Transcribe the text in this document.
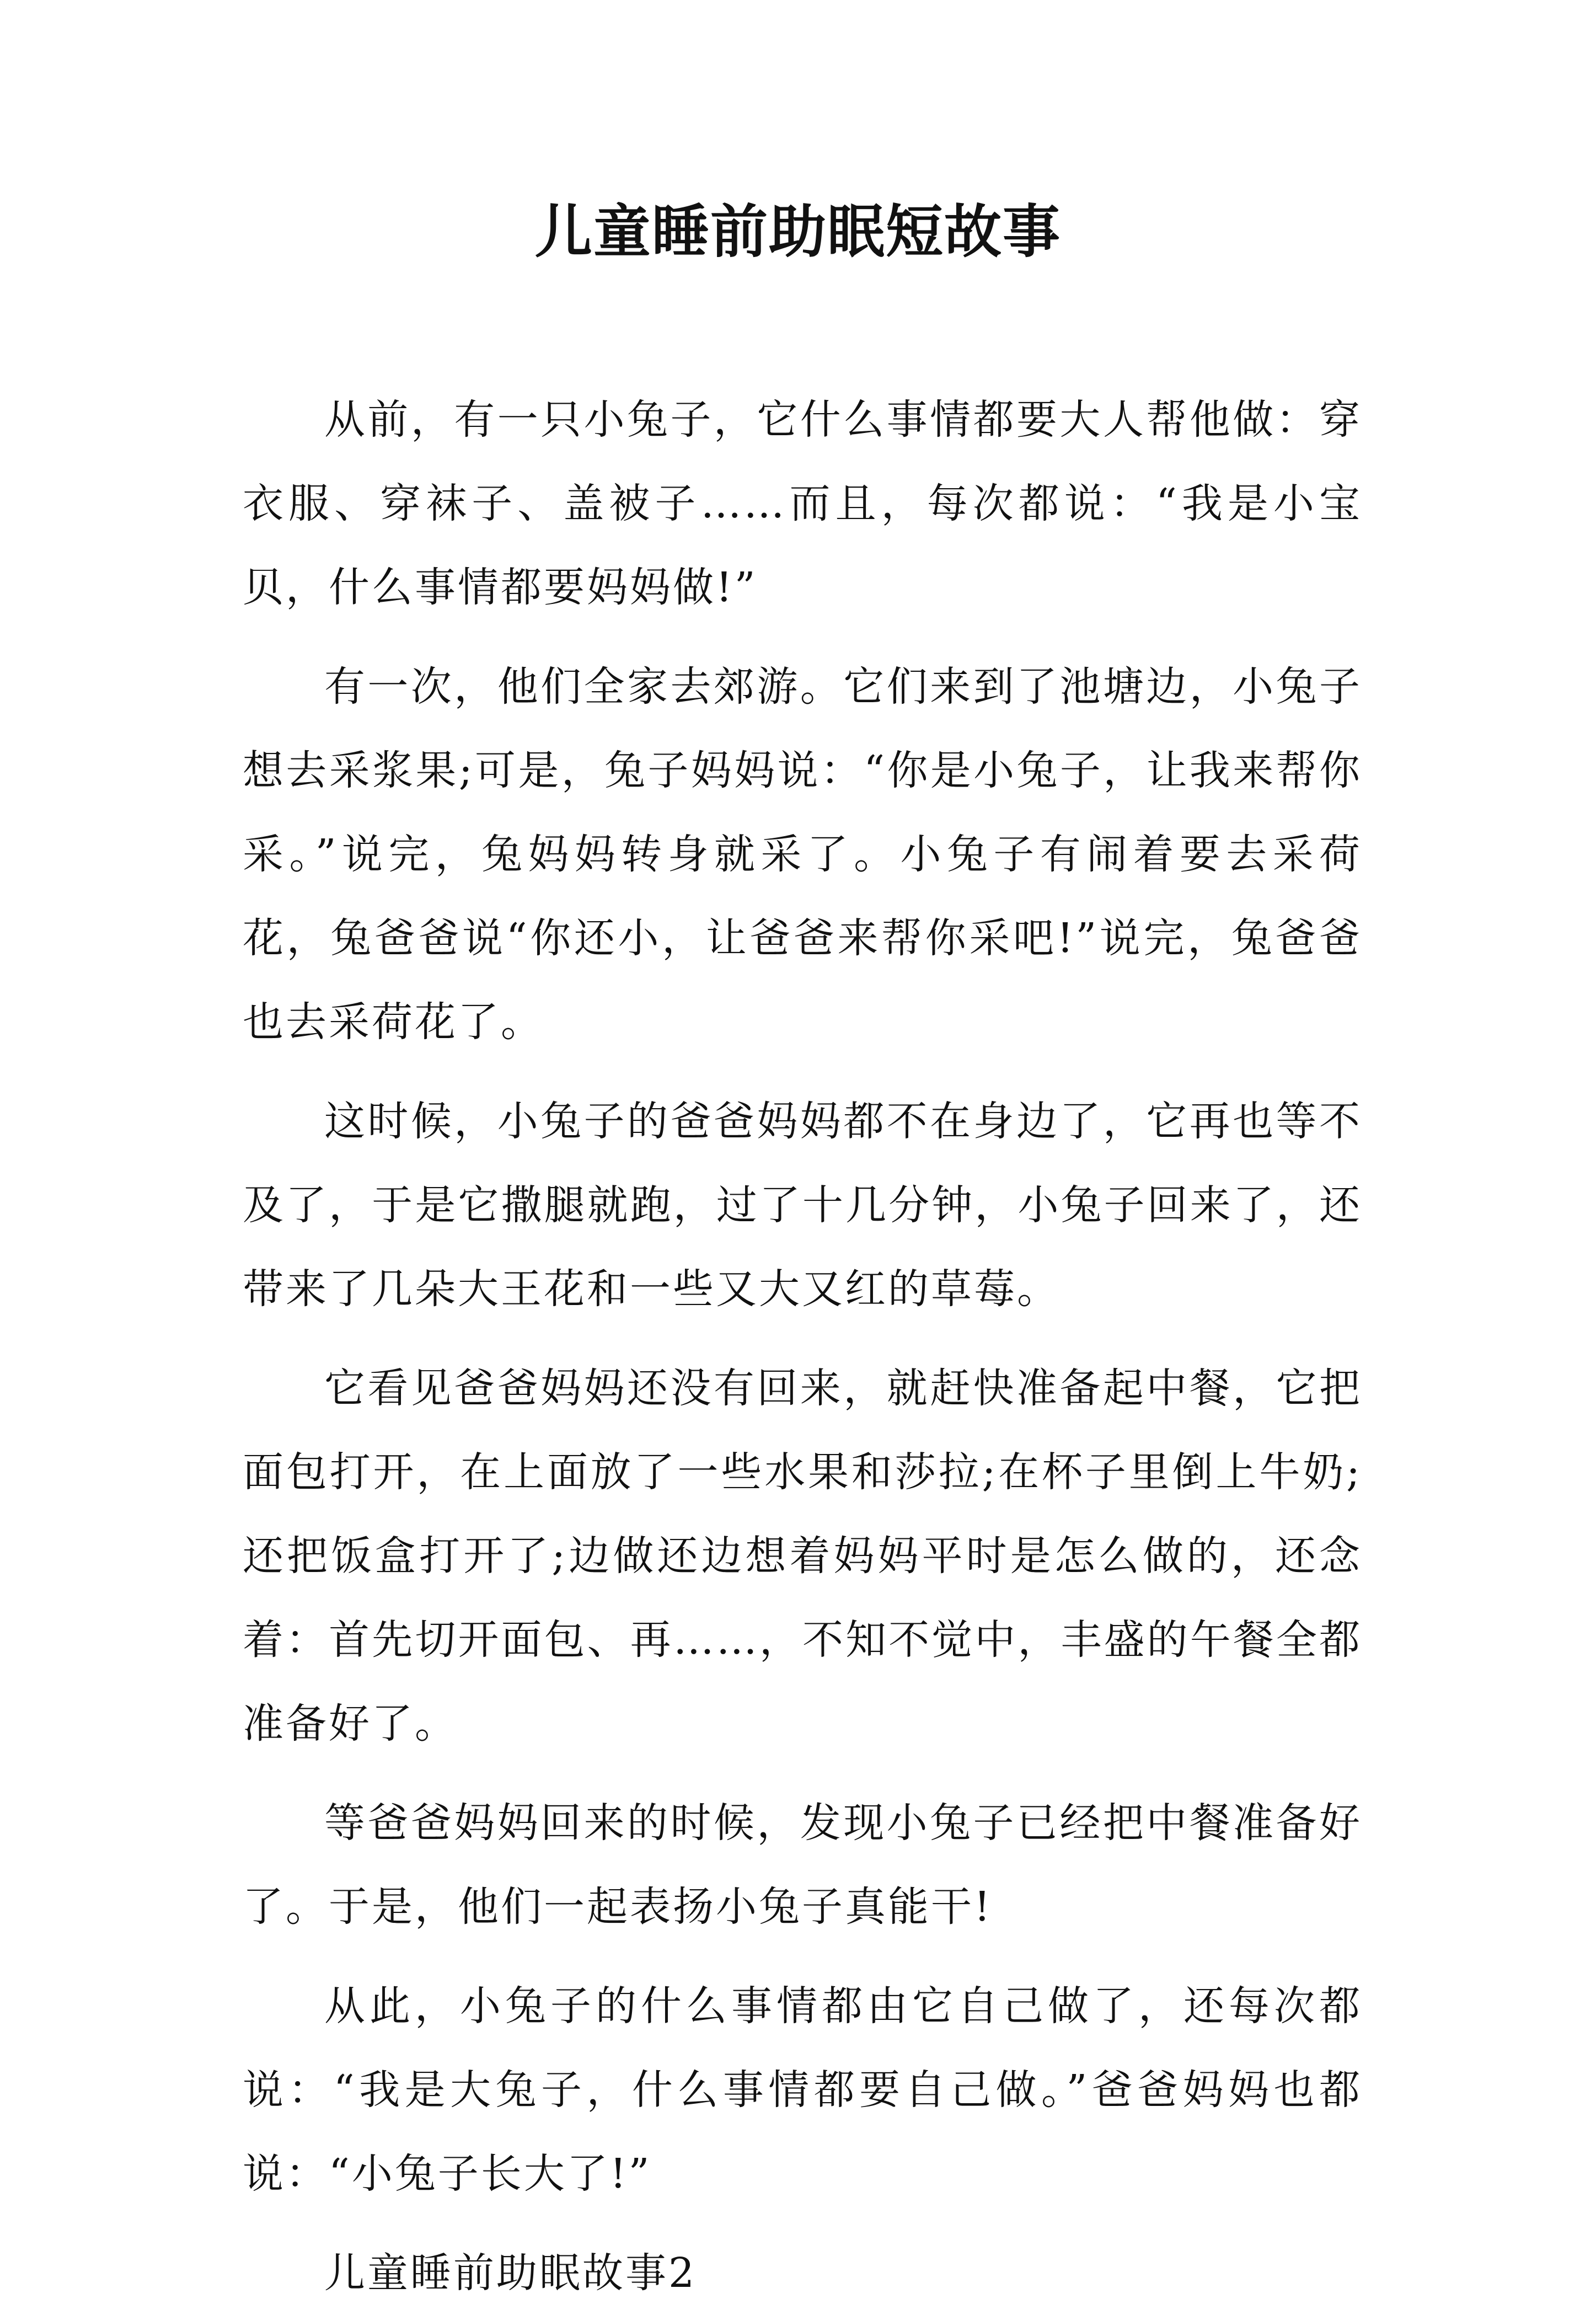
儿童睡前助眠短故事

从前，有一只小兔子，它什么事情都要大人帮他做：穿衣服、穿袜子、盖被子……而且，每次都说：“我是小宝贝，什么事情都要妈妈做!”

有一次，他们全家去郊游。它们来到了池塘边，小兔子想去采浆果;可是，兔子妈妈说：“你是小兔子，让我来帮你采。”说完，兔妈妈转身就采了。小兔子有闹着要去采荷花，兔爸爸说“你还小，让爸爸来帮你采吧!”说完，兔爸爸也去采荷花了。

这时候，小兔子的爸爸妈妈都不在身边了，它再也等不及了，于是它撒腿就跑，过了十几分钟，小兔子回来了，还带来了几朵大王花和一些又大又红的草莓。

它看见爸爸妈妈还没有回来，就赶快准备起中餐，它把面包打开，在上面放了一些水果和莎拉;在杯子里倒上牛奶;还把饭盒打开了;边做还边想着妈妈平时是怎么做的，还念着：首先切开面包、再……，不知不觉中，丰盛的午餐全都准备好了。

等爸爸妈妈回来的时候，发现小兔子已经把中餐准备好了。于是，他们一起表扬小兔子真能干!

从此，小兔子的什么事情都由它自己做了，还每次都说：“我是大兔子，什么事情都要自己做。”爸爸妈妈也都说：“小兔子长大了!”

儿童睡前助眠故事2
